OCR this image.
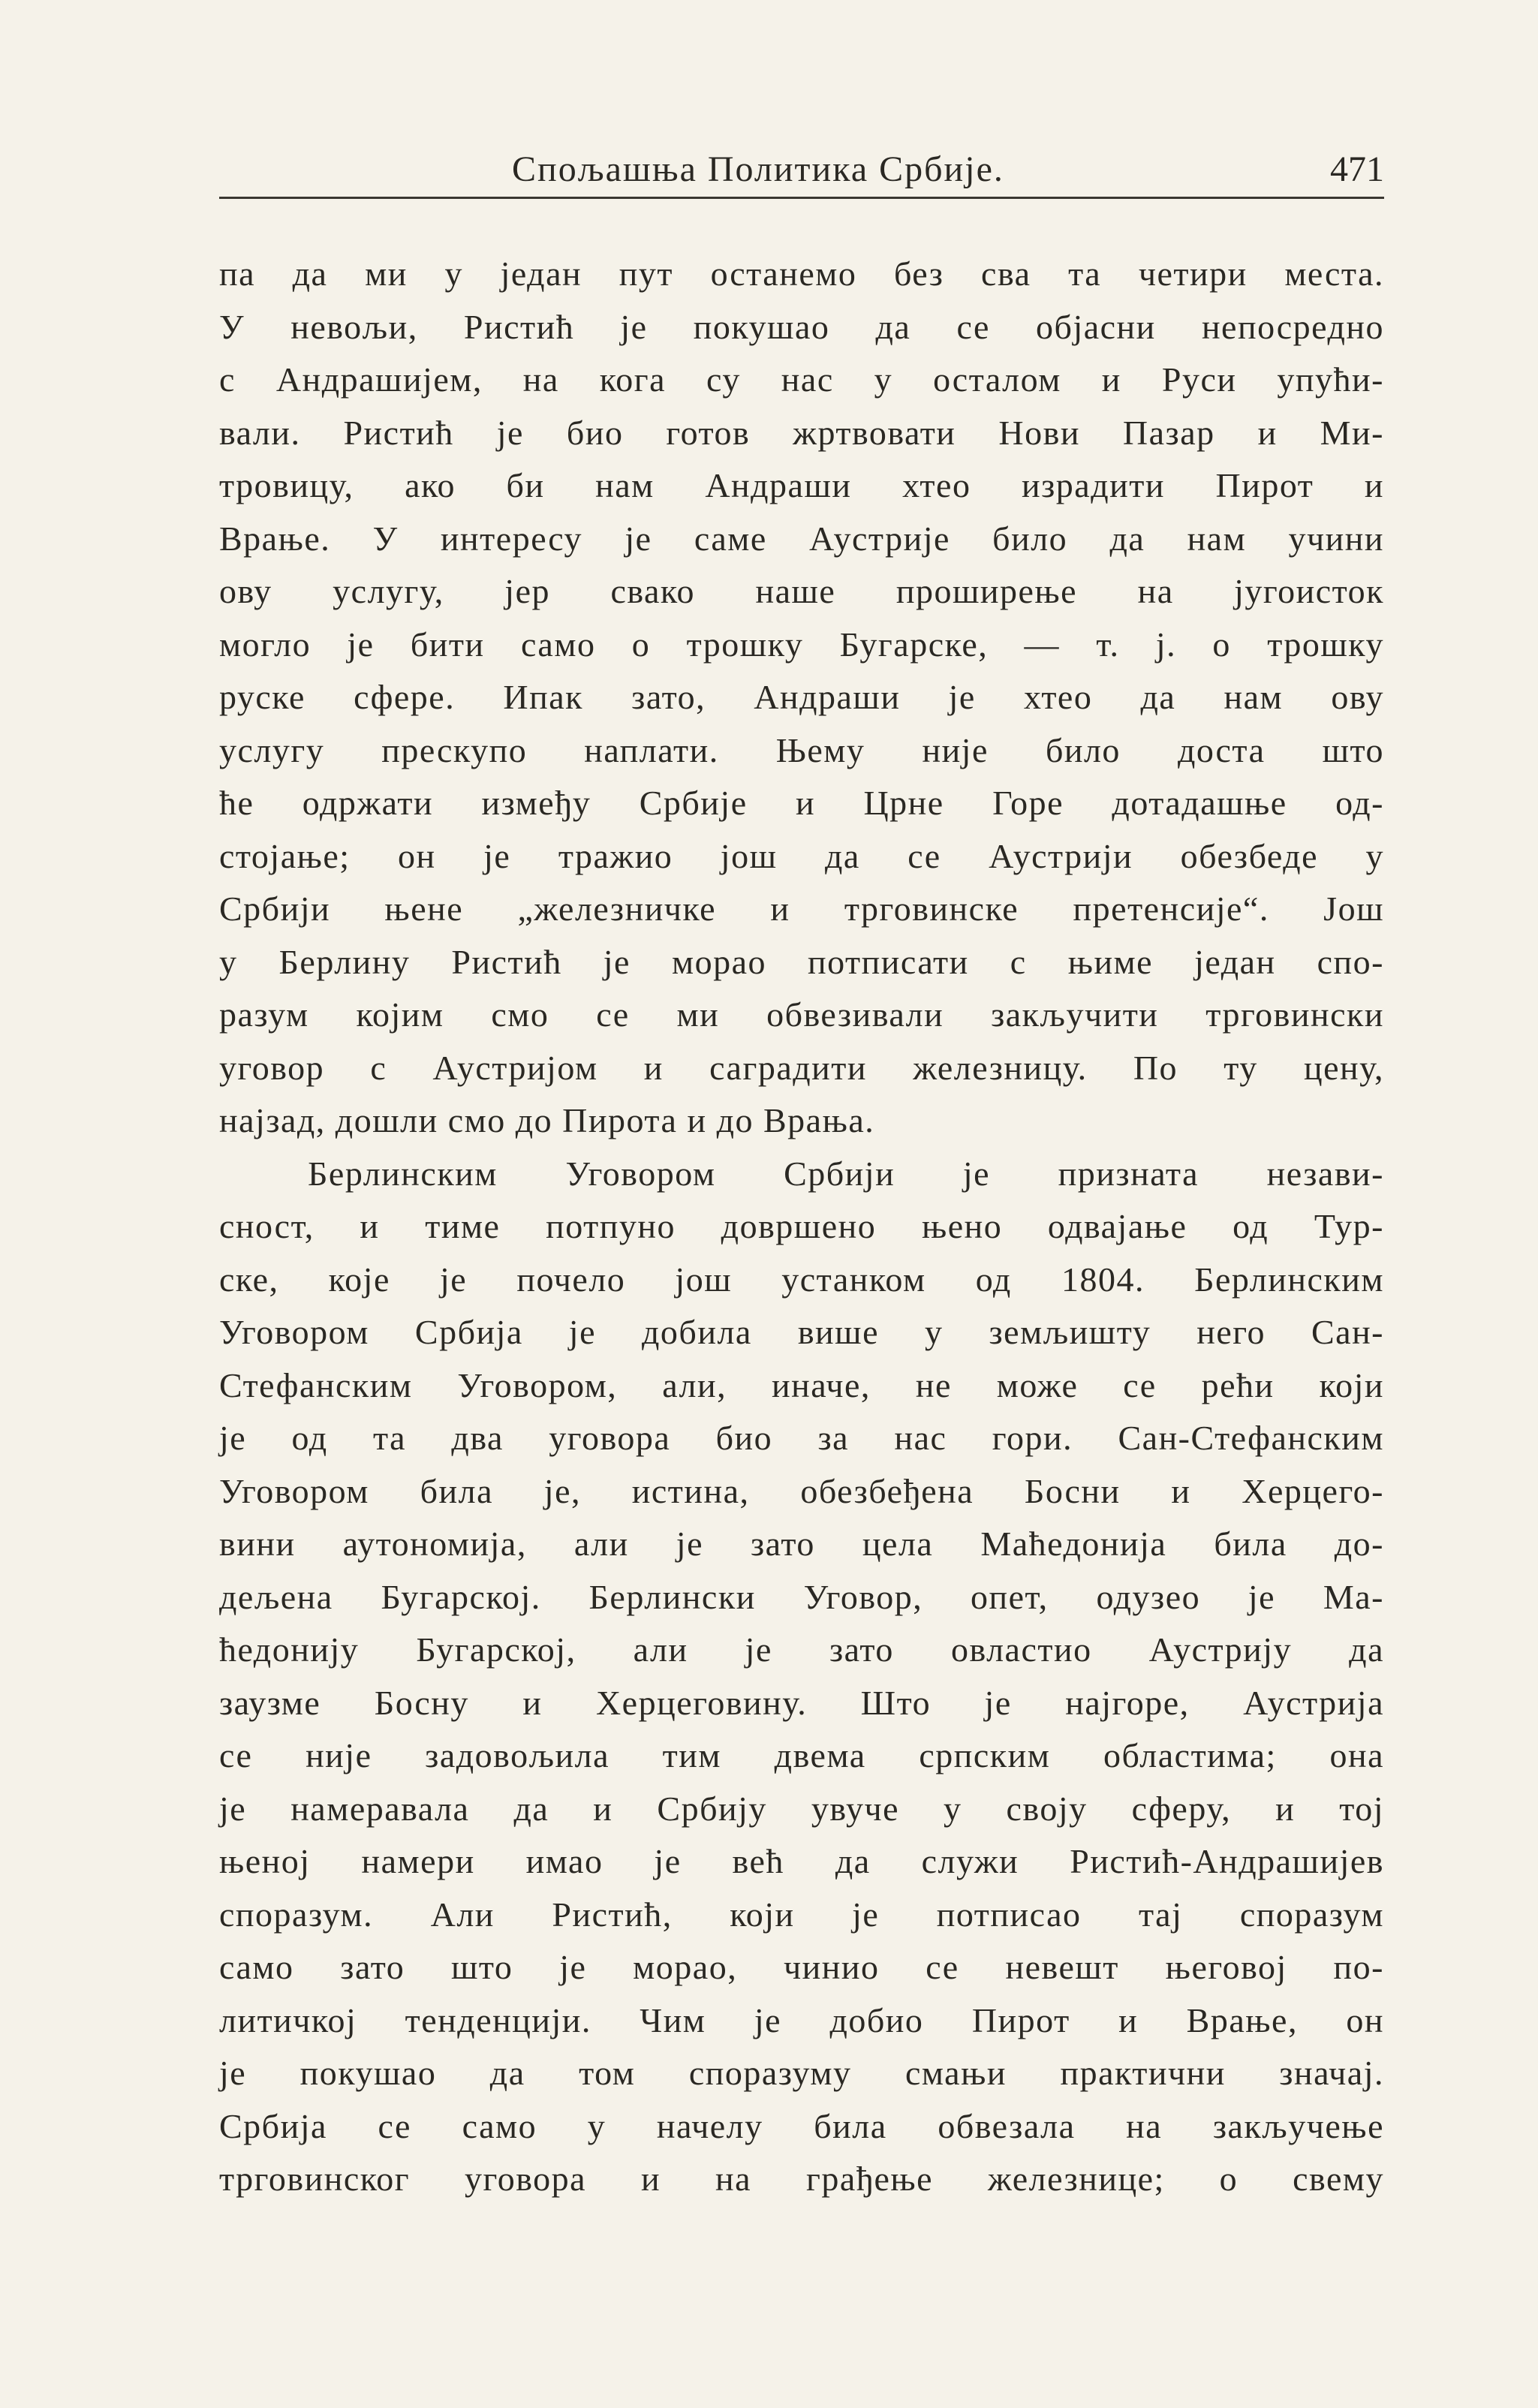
Спољашња Политика Србије.	471
па да ми у један пут останемо без сва та четири места.
У невољи, Ристић је покушао да се објасни непосредно
с Андрашијем, на кога су нас у осталом и Руси упући-
вали. Ристић је био готов жртвовати Нови Пазар и Ми-
тровицу, ако би нам Андраши хтео израдити Пирот и
Врање. У интересу је саме Аустрије било да нам учини
ову услугу, јер свако наше проширење на југоисток
могло је бити само о трошку Бугарске, — т. ј. о трошку
руске сфере. Ипак зато, Андраши је хтео да нам ову
услугу прескупо наплати. Њему није било доста што
ће одржати између Србије и Црне Горе дотадашње од-
стојање; он је тражио још да се Аустрији обезбеде у
Србији њене „железничке и трговинске претенсије“. Још
у Берлину Ристић је морао потписати с њиме један спо-
разум којим смо се ми обвезивали закључити трговински
уговор с Аустријом и саградити железницу. По ту цену,
најзад, дошли смо до Пирота и до Врања.
Берлинским Уговором Србији је призната незави-
сност, и тиме потпуно довршено њено одвајање од Тур-
ске, које је почело још устанком од 1804. Берлинским
Уговором Србија је добила више у земљишту него Сан-
Стефанским Уговором, али, иначе, не може се рећи који
је од та два уговора био за нас гори. Сан-Стефанским
Уговором била је, истина, обезбеђена Босни и Херцего-
вини аутономија, али је зато цела Маћедонија била до-
дељена Бугарској. Берлински Уговор, опет, одузео је Ма-
ћедонију Бугарској, али је зато овластио Аустрију да
заузме Босну и Херцеговину. Што је најгоре, Аустрија
се није задовољила тим двема српским областима; она
је намеравала да и Србију увуче у своју сферу, и тој
њеној намери имао је већ да служи Ристић-Андрашијев
споразум. Али Ристић, који је потписао тај споразум
само зато што је морао, чинио се невешт његовој по-
литичкој тенденцији. Чим је добио Пирот и Врање, он
је покушао да том споразуму смањи практични значај.
Србија се само у начелу била обвезала на закључење
трговинског уговора и на грађење железнице; о свему
